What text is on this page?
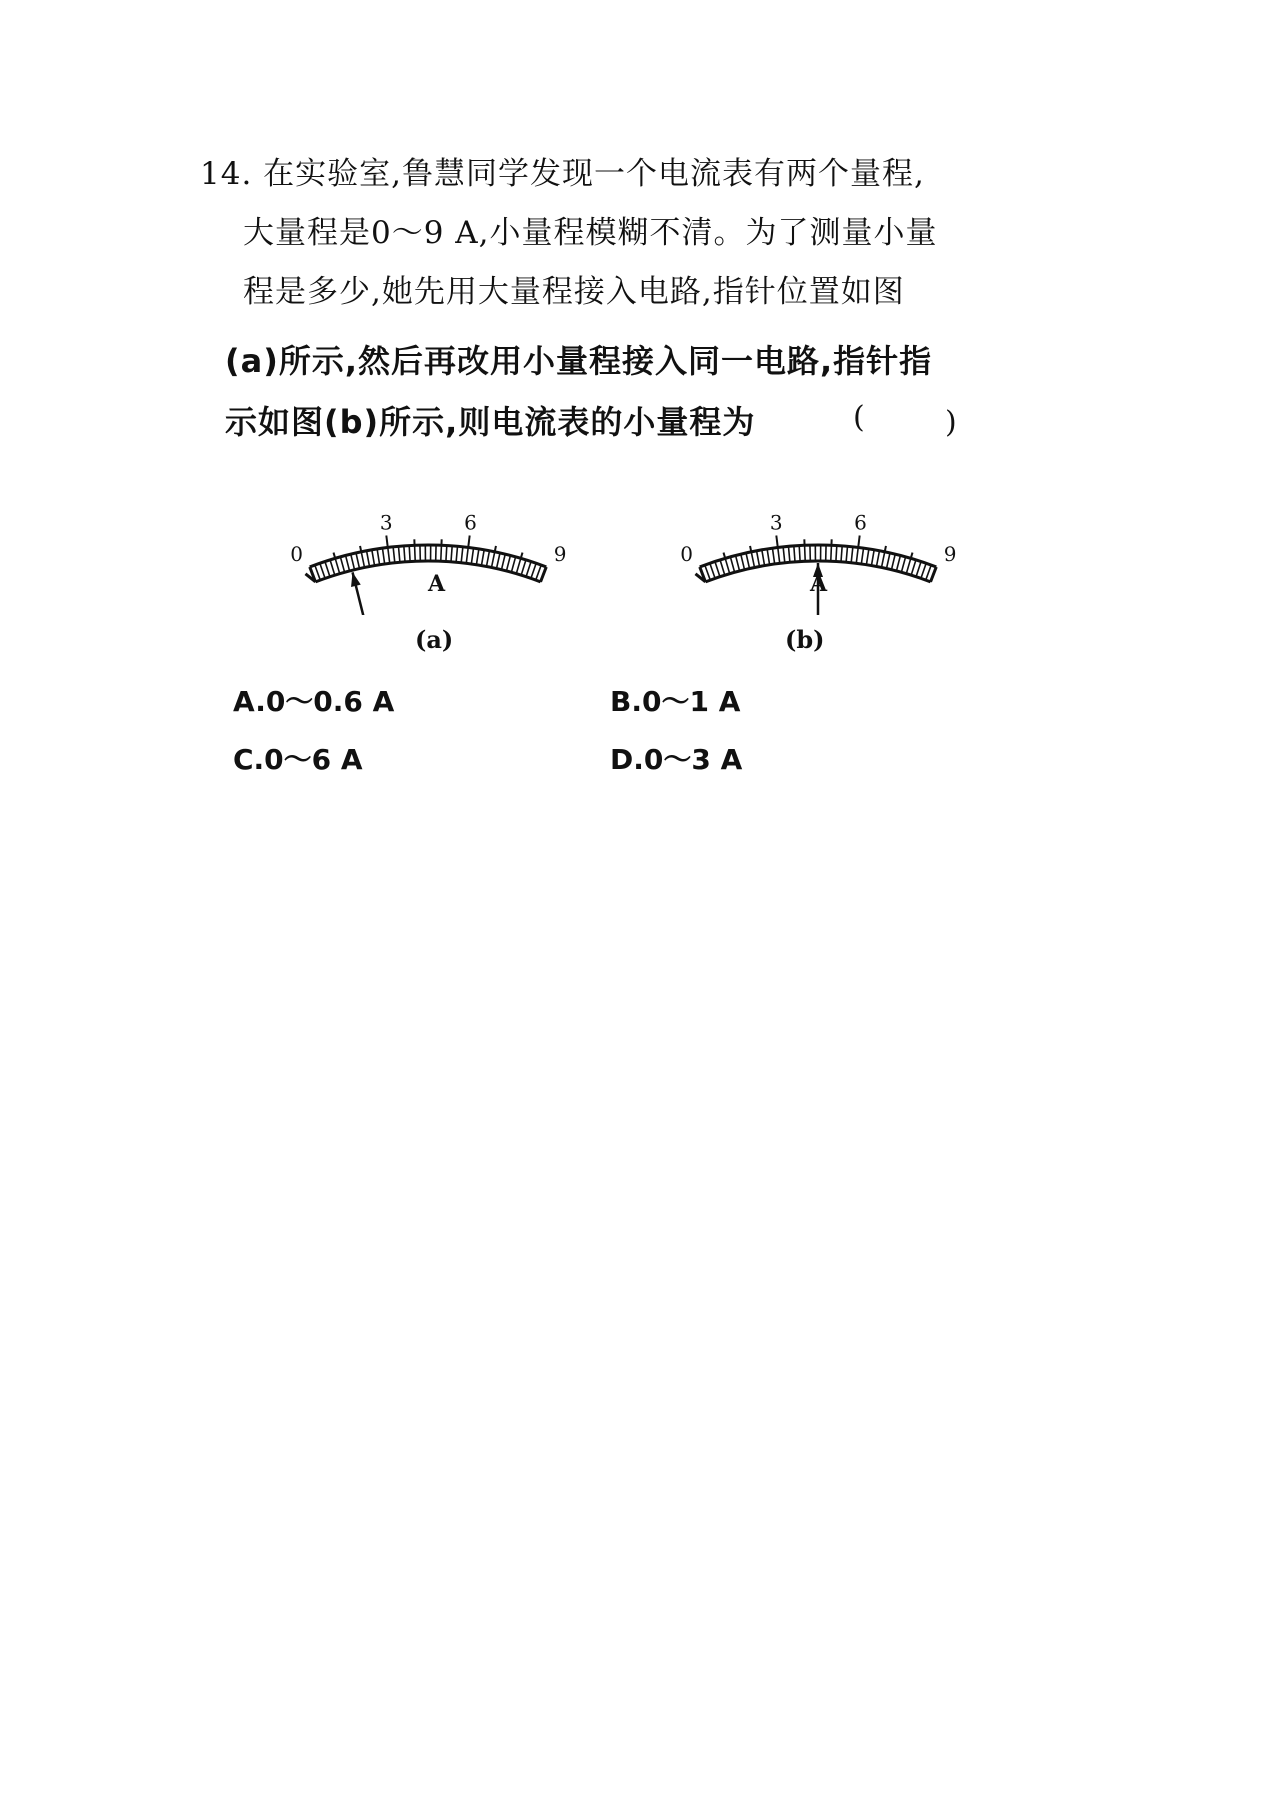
14. 在实验室,鲁慧同学发现一个电流表有两个量程,
大量程是0～9 A,小量程模糊不清。为了测量小量
程是多少,她先用大量程接入电路,指针位置如图
(a)所示,然后再改用小量程接入同一电路,指针指
示如图(b)所示,则电流表的小量程为	(	)
0
3	6
9
A
(a)
0
3	6
9
A
(b)
A.0～0.6 A	B.0～1 A
C.0～6 A	D.0～3 A
